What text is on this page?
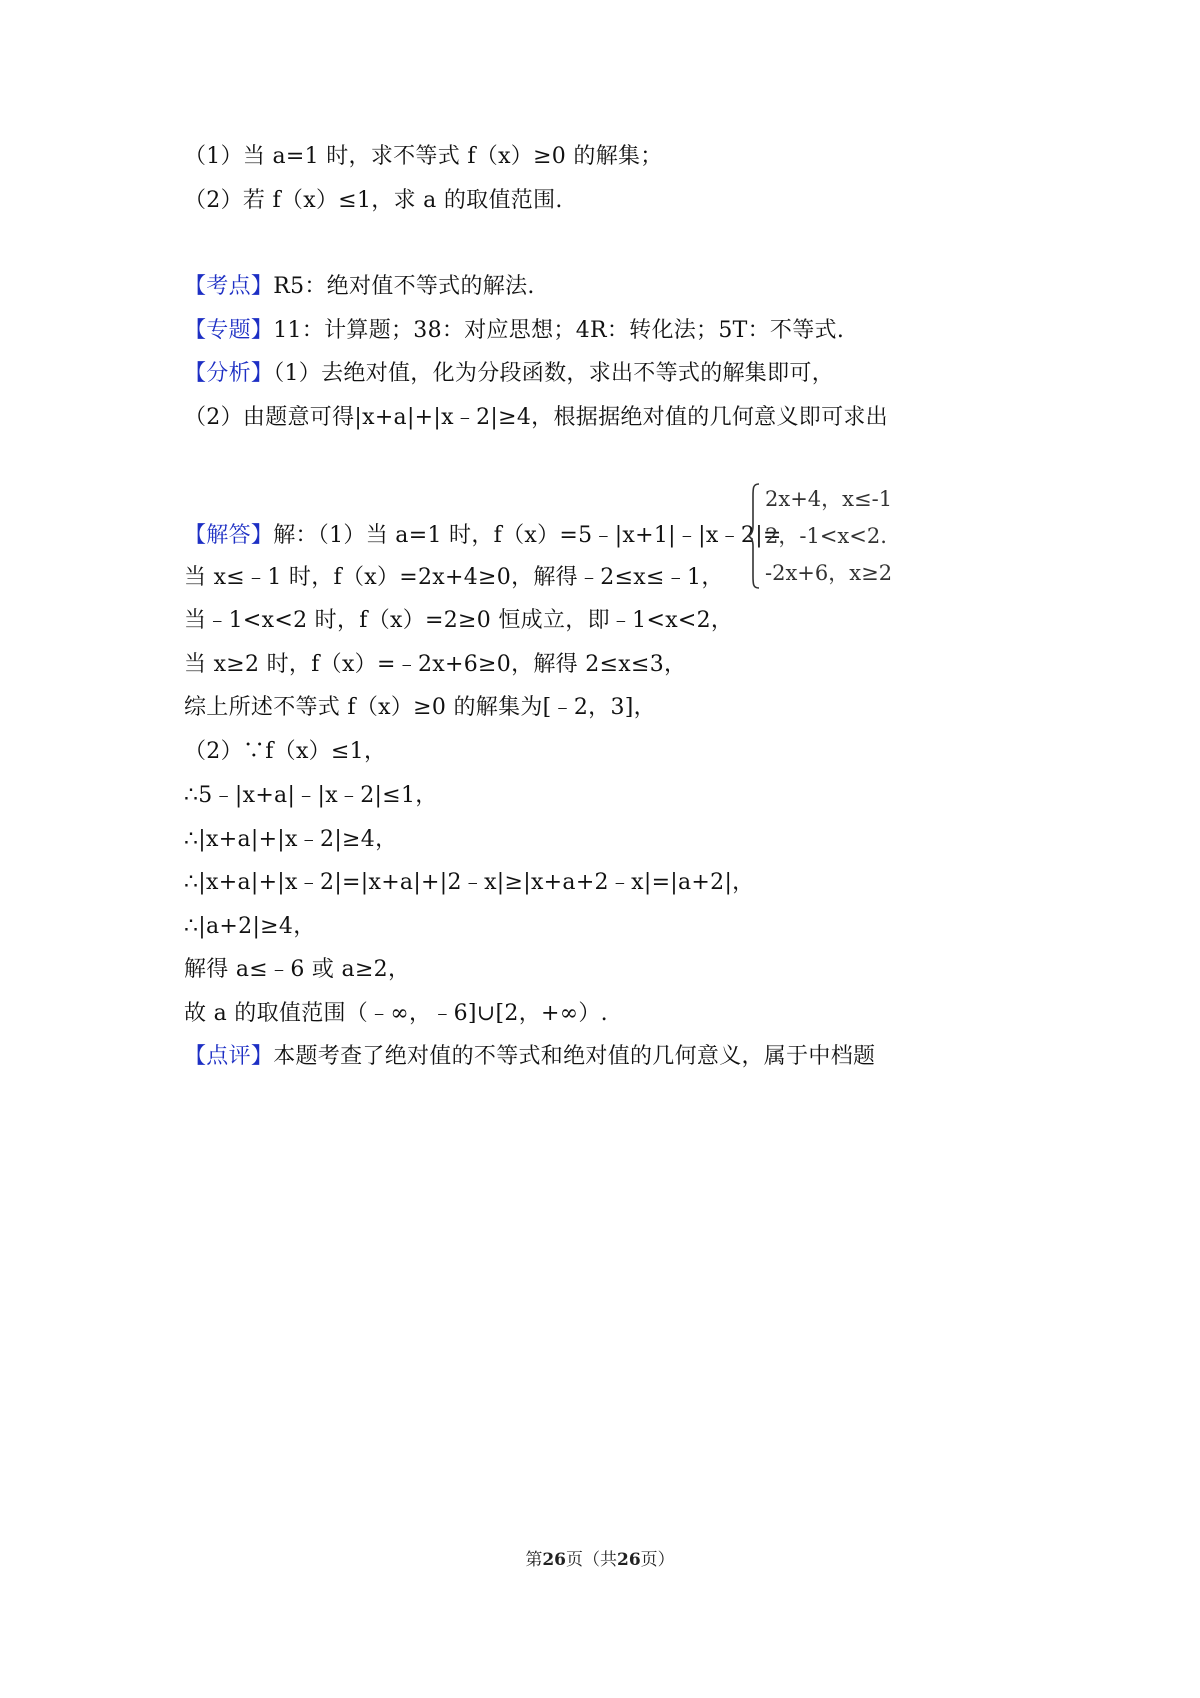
（1）当 a=1 时，求不等式 f（x）≥0 的解集；
（2）若 f（x）≤1，求 a 的取值范围.
【考点】R5：绝对值不等式的解法.
【专题】11：计算题；38：对应思想；4R：转化法；5T：不等式.
【分析】（1）去绝对值，化为分段函数，求出不等式的解集即可，
（2）由题意可得|x+a|+|x﹣2|≥4，根据据绝对值的几何意义即可求出
【解答】解：（1）当 a=1 时，f（x）=5﹣|x+1|﹣|x﹣2|=
2x+4，x≤-1
2，-1<x<2.
-2x+6，x≥2
当 x≤﹣1 时，f（x）=2x+4≥0，解得﹣2≤x≤﹣1，
当﹣1<x<2 时，f（x）=2≥0 恒成立，即﹣1<x<2，
当 x≥2 时，f（x）=﹣2x+6≥0，解得 2≤x≤3，
综上所述不等式 f（x）≥0 的解集为[﹣2，3]，
（2）∵f（x）≤1，
∴5﹣|x+a|﹣|x﹣2|≤1，
∴|x+a|+|x﹣2|≥4，
∴|x+a|+|x﹣2|=|x+a|+|2﹣x|≥|x+a+2﹣x|=|a+2|，
∴|a+2|≥4，
解得 a≤﹣6 或 a≥2，
故 a 的取值范围（﹣∞，﹣6]∪[2，+∞）.
【点评】本题考查了绝对值的不等式和绝对值的几何意义，属于中档题
第26页（共26页）
